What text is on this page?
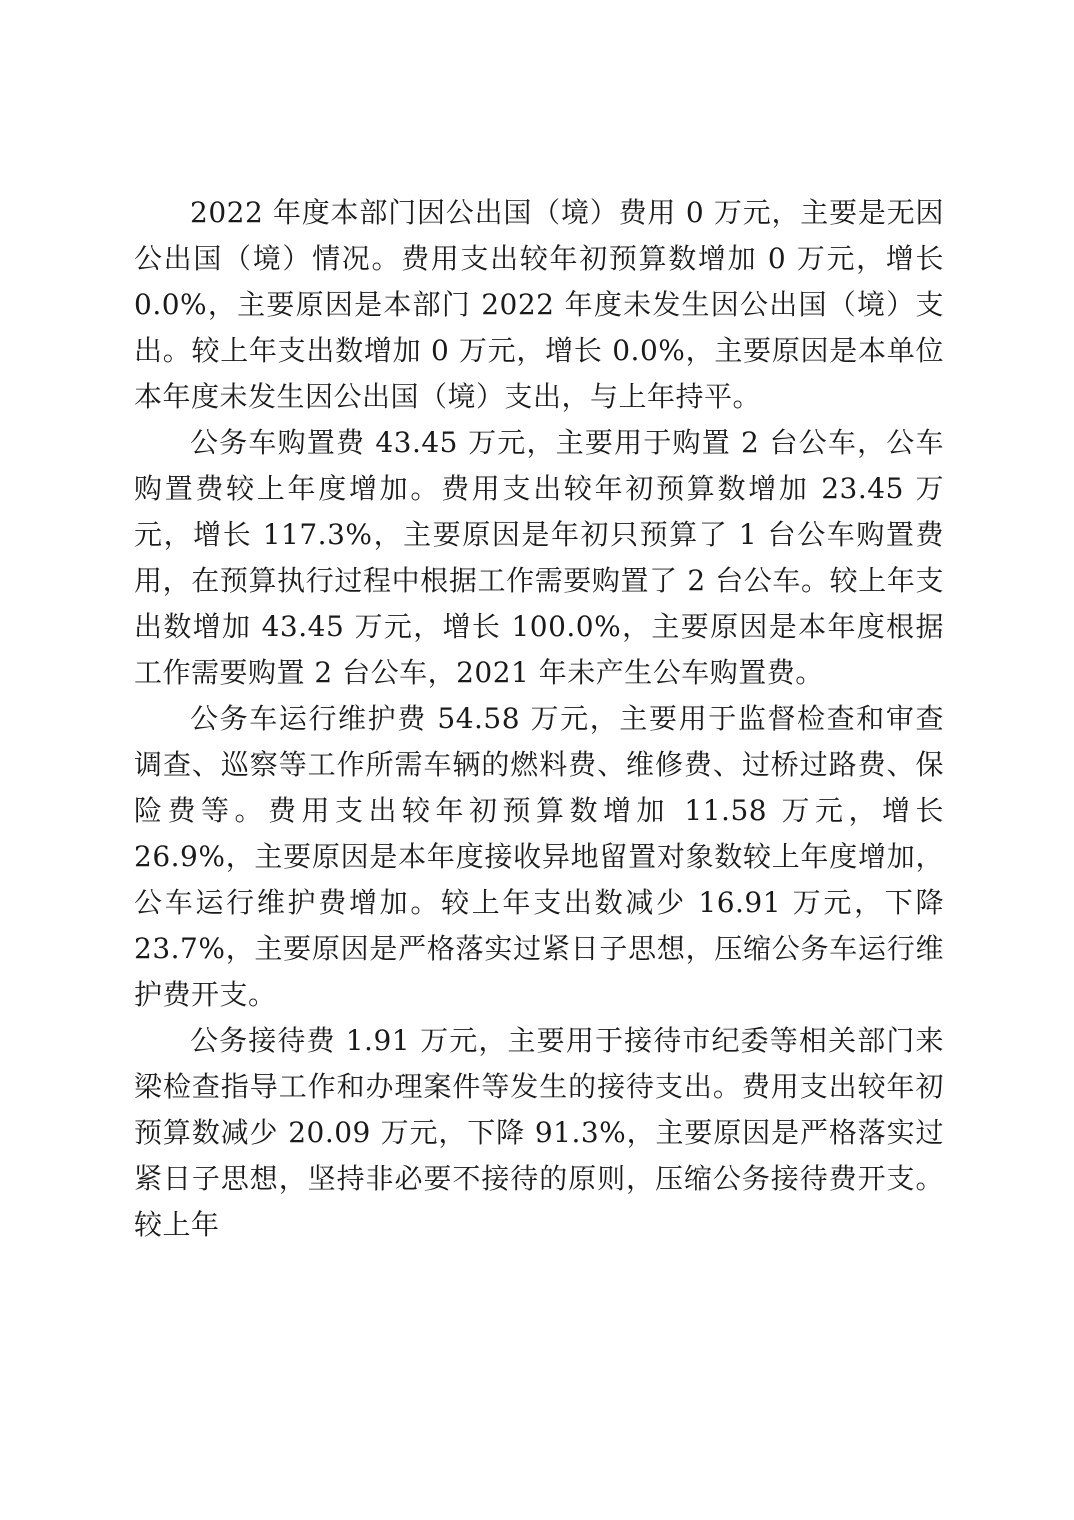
2022 年度本部门因公出国（境）费用 0 万元，主要是无因公出国（境）情况。费用支出较年初预算数增加 0 万元，增长 0.0%，主要原因是本部门 2022 年度未发生因公出国（境）支出。较上年支出数增加 0 万元，增长 0.0%，主要原因是本单位本年度未发生因公出国（境）支出，与上年持平。

公务车购置费 43.45 万元，主要用于购置 2 台公车，公车购置费较上年度增加。费用支出较年初预算数增加 23.45 万元，增长 117.3%，主要原因是年初只预算了 1 台公车购置费用，在预算执行过程中根据工作需要购置了 2 台公车。较上年支出数增加 43.45 万元，增长 100.0%，主要原因是本年度根据工作需要购置 2 台公车，2021 年未产生公车购置费。

公务车运行维护费 54.58 万元，主要用于监督检查和审查调查、巡察等工作所需车辆的燃料费、维修费、过桥过路费、保险费等。费用支出较年初预算数增加 11.58 万元，增长 26.9%，主要原因是本年度接收异地留置对象数较上年度增加，公车运行维护费增加。较上年支出数减少 16.91 万元，下降 23.7%，主要原因是严格落实过紧日子思想，压缩公务车运行维护费开支。

公务接待费 1.91 万元，主要用于接待市纪委等相关部门来梁检查指导工作和办理案件等发生的接待支出。费用支出较年初预算数减少 20.09 万元，下降 91.3%，主要原因是严格落实过紧日子思想，坚持非必要不接待的原则，压缩公务接待费开支。较上年
